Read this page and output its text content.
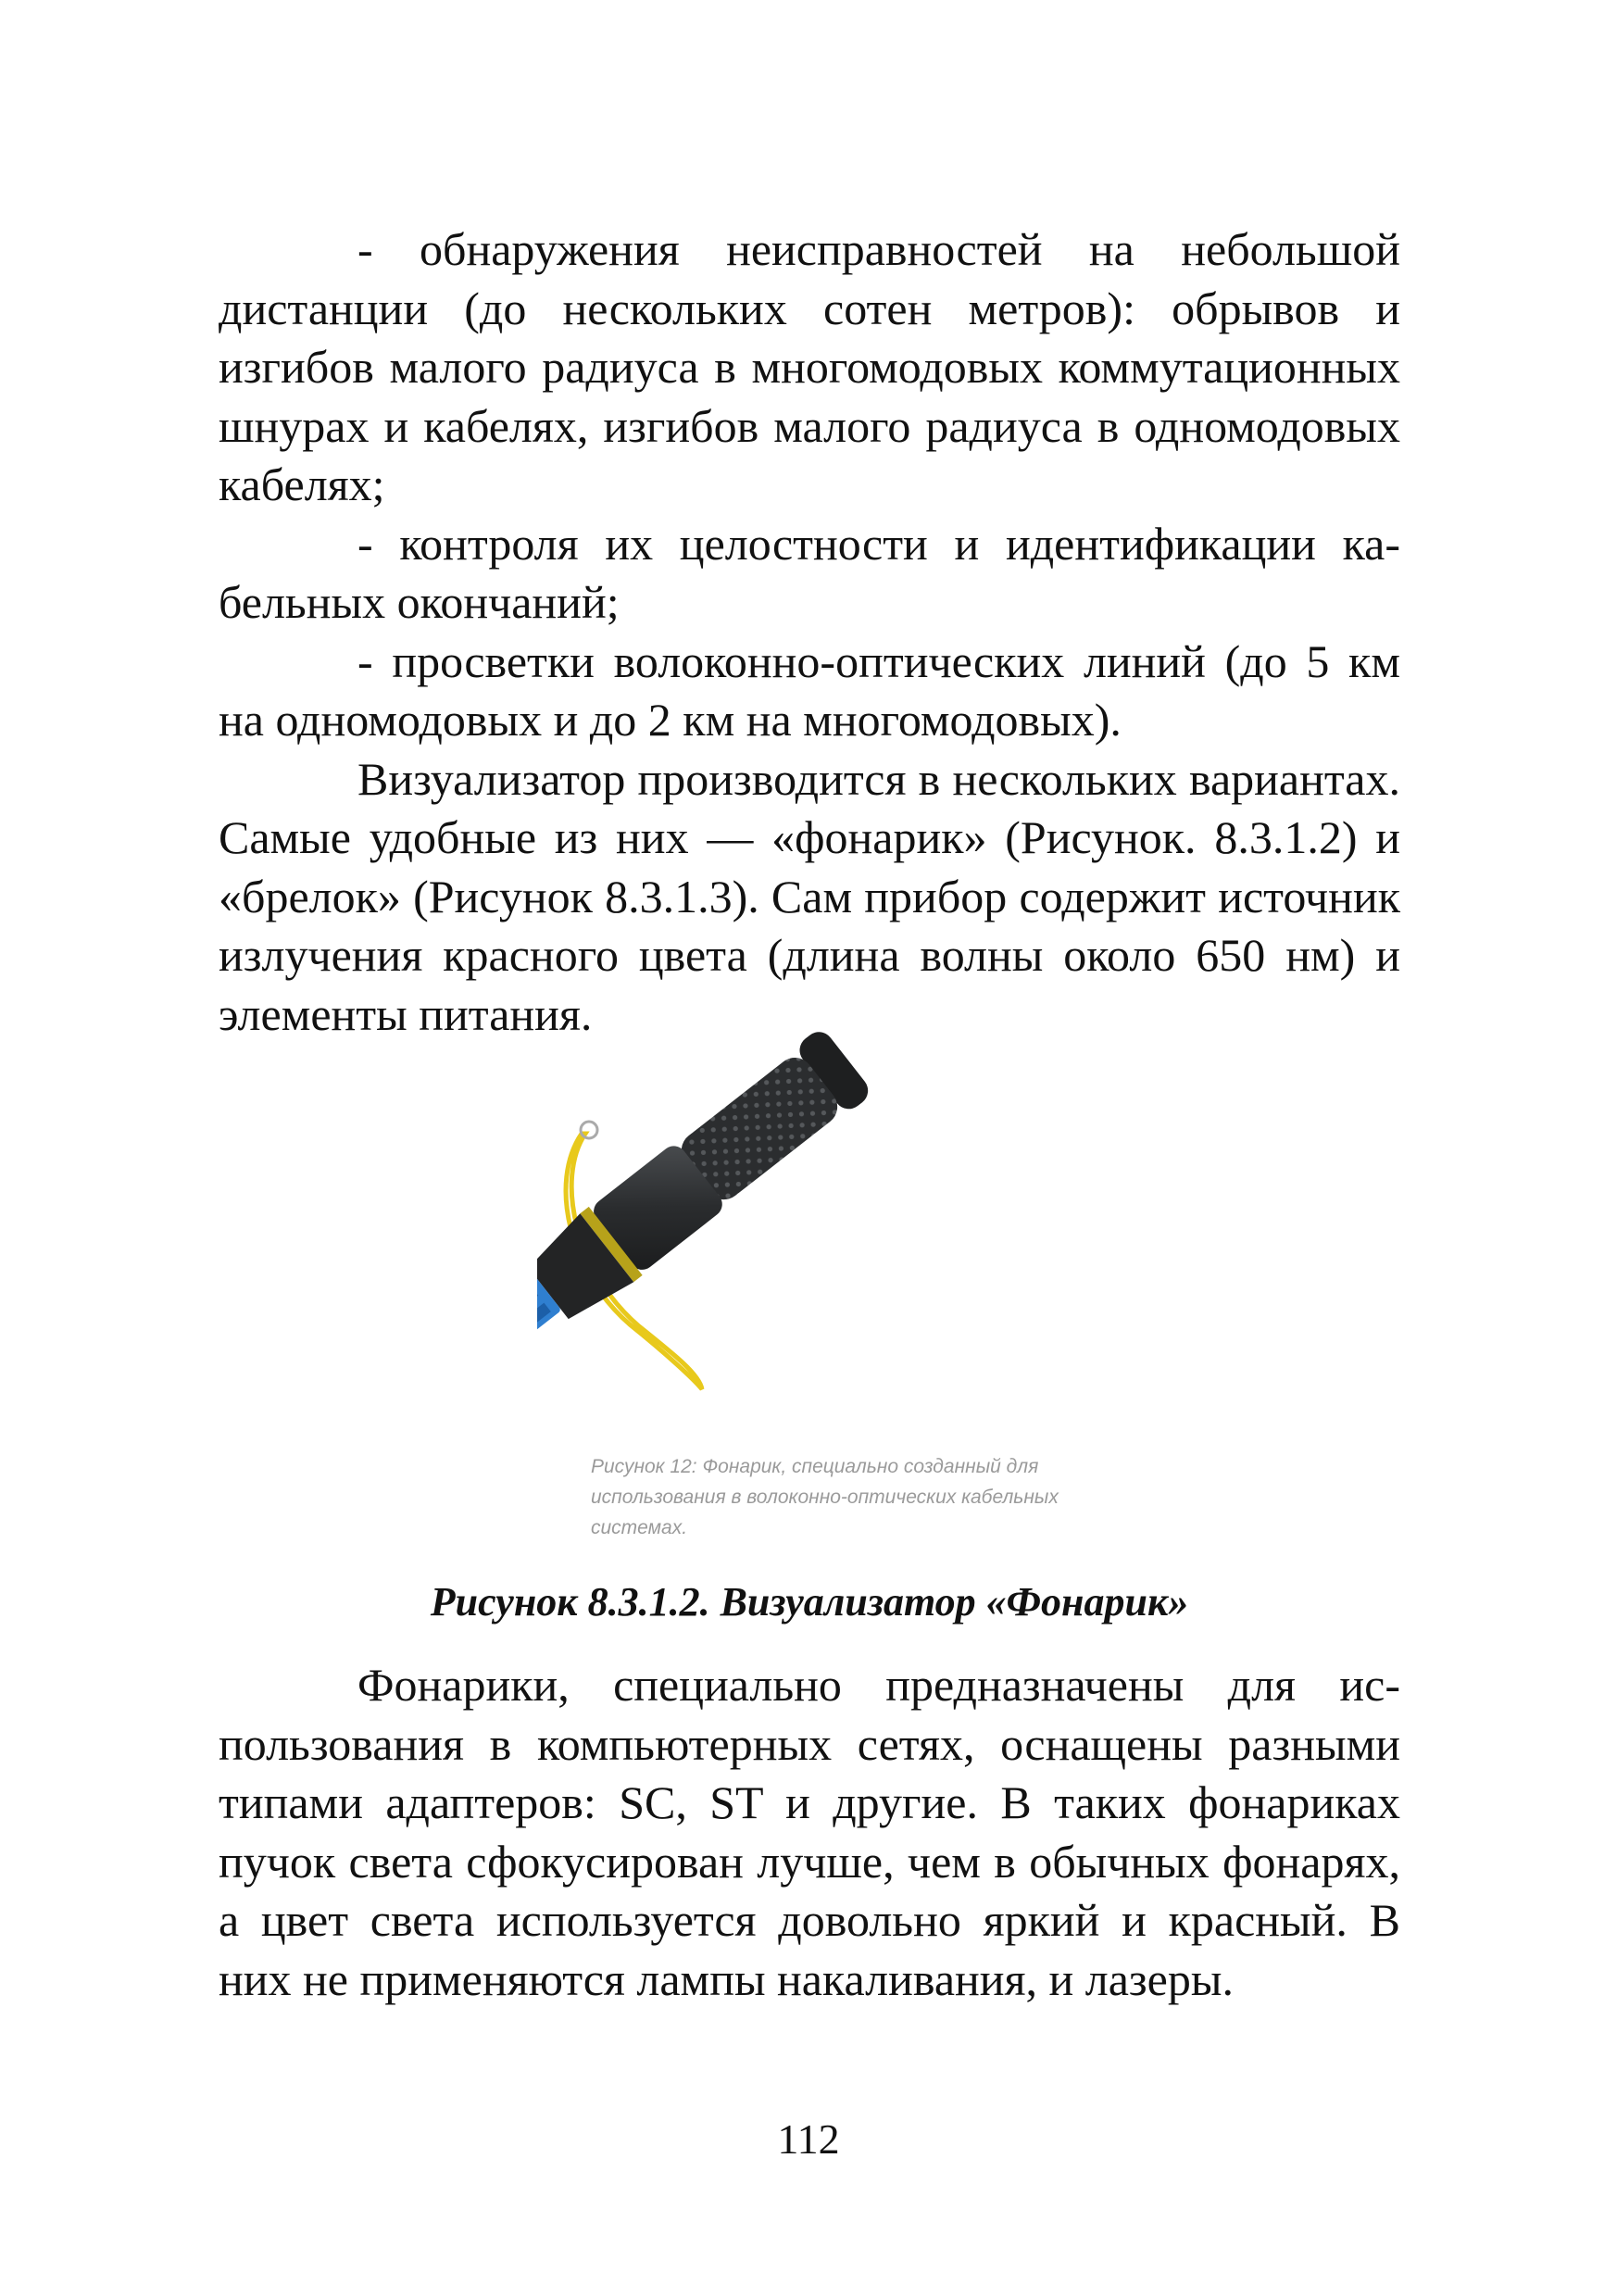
- обнаружения неисправностей на небольшой дистанции (до нескольких сотен метров): обрывов и изгибов малого радиуса в многомодовых коммутационных шнурах и кабелях, изгибов малого радиуса в одномодовых кабелях;

- контроля их целостности и идентификации кабельных окончаний;

- просветки волоконно-оптических линий (до 5 км на одномодовых и до 2 км на многомодовых).

Визуализатор производится в нескольких вариантах. Самые удобные из них — «фонарик» (Рисунок. 8.3.1.2) и «брелок» (Рисунок 8.3.1.3). Сам прибор содержит источник излучения красного цвета (длина волны около 650 нм) и элементы питания.

Рисунок 12: Фонарик, специально созданный для использования в волоконно-оптических кабельных системах.
Рисунок 8.3.1.2. Визуализатор «Фонарик»

Фонарики, специально предназначены для использования в компьютерных сетях, оснащены разными типами адаптеров: SC, ST и другие. В таких фонариках пучок света сфокусирован лучше, чем в обычных фонарях, а цвет света используется довольно яркий и красный. В них не применяются лампы накаливания, и лазеры.

112
